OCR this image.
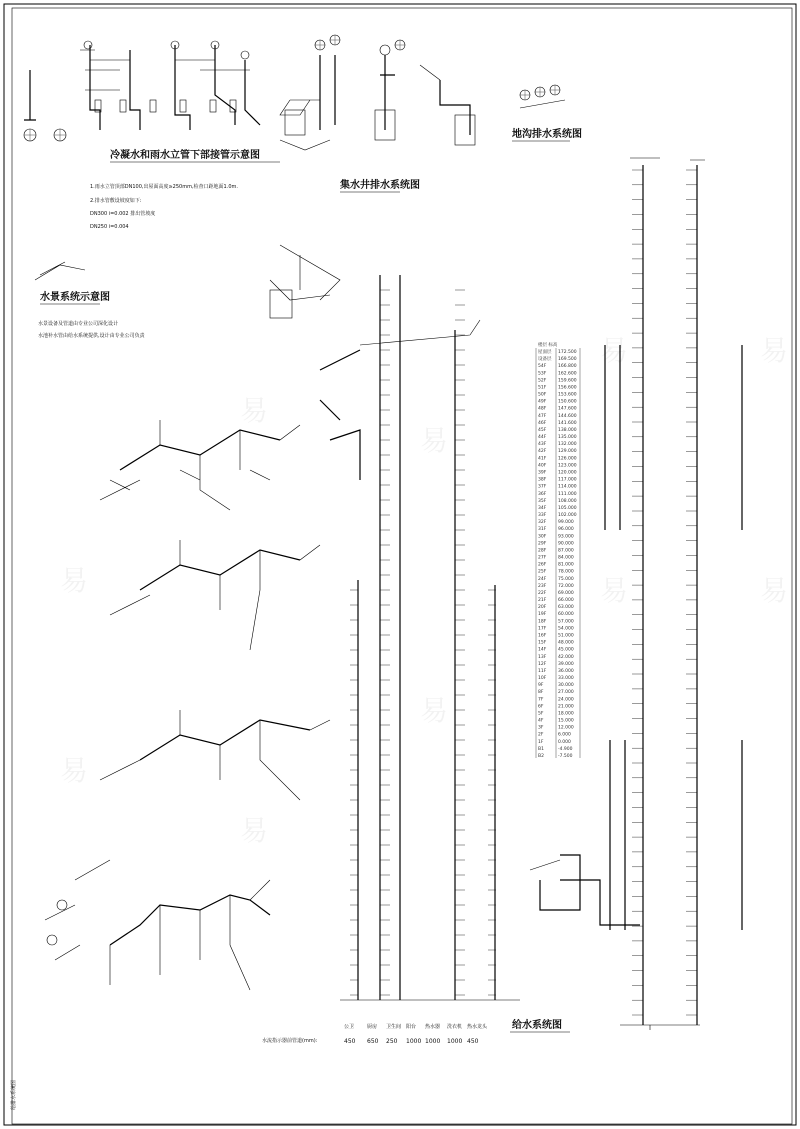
易
易
易
易
易
易
易
易
易
易
冷凝水和雨水立管下部接管示意图
1.雨水立管顶部DN100,出屋面高度≥250mm,检查口距地面1.0m.
2.排水管敷设坡度如下:
DN300 i=0.002 排出管坡度
DN250 i=0.004
集水井排水系统图
地沟排水系统图
水景系统示意图
水景设备及管道由专业公司深化设计
水池补水管由给水系统提供,设计由专业公司负责
水流指示器前管道(mm):
公卫	厨房 卫生间 阳台 热水器 洗衣机 热水龙头
450 650 250 1000 1000 1000 450
楼层 标高
屋面层 172.500
设备层 169.500
54F	166.800
53F	162.600
52F	159.600
51F	156.600
50F	153.600
49F	150.600
48F	147.600
47F	144.600
46F	141.600
45F	138.000
44F	135.000
43F	132.000
42F	129.000
41F	126.000
40F	123.000
39F	120.000
38F	117.000
37F	114.000
36F	111.000
35F	108.000
34F	105.000
33F	102.000
32F	99.000
31F	96.000
30F	93.000
29F	90.000
28F	87.000
27F	84.000
26F	81.000
25F	78.000
24F	75.000
23F	72.000
22F	69.000
21F	66.000
20F	63.000
19F	60.000
18F	57.000
17F	54.000
16F	51.000
15F	48.000
14F	45.000
13F	42.000
12F	39.000
11F	36.000
10F	33.000
9F	30.000
8F	27.000
7F	24.000
6F	21.000
5F	18.000
4F	15.000
3F	12.000
2F	6.000
1F	0.000
B1	-4.900
B2	-7.500
给水系统图
给排水系统图
